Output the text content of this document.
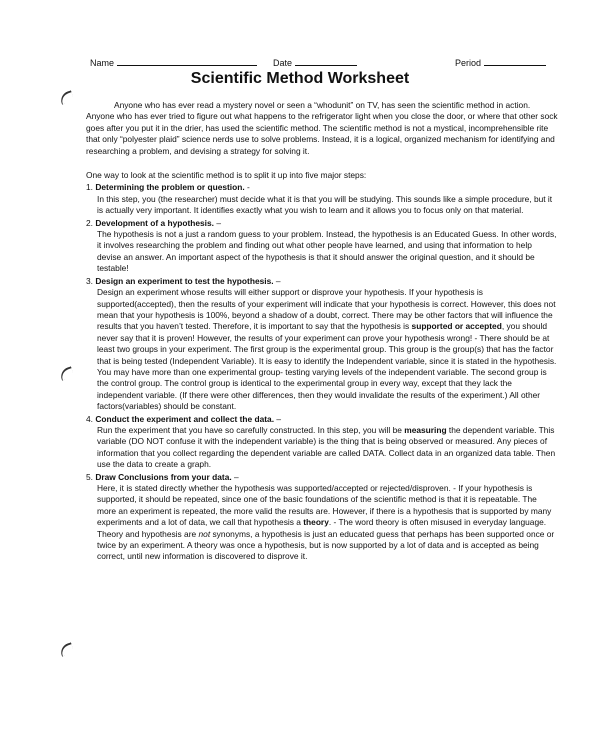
Name	Date	Period
Scientific Method Worksheet

Anyone who has ever read a mystery novel or seen a “whodunit” on TV, has seen the scientific method in action. Anyone who has ever tried to figure out what happens to the refrigerator light when you close the door, or where that other sock goes after you put it in the drier, has used the scientific method. The scientific method is not a mystical, incomprehensible rite that only “polyester plaid” science nerds use to solve problems. Instead, it is a logical, organized mechanism for identifying and researching a problem, and devising a strategy for solving it.

One way to look at the scientific method is to split it up into five major steps:

1. Determining the problem or question. -

In this step, you (the researcher) must decide what it is that you will be studying. This sounds like a simple procedure, but it is actually very important. It identifies exactly what you wish to learn and it allows you to focus only on that material.

2. Development of a hypothesis. –

The hypothesis is not a just a random guess to your problem. Instead, the hypothesis is an Educated Guess. In other words, it involves researching the problem and finding out what other people have learned, and using that information to help devise an answer. An important aspect of the hypothesis is that it should answer the original question, and it should be testable!

3. Design an experiment to test the hypothesis. –

Design an experiment whose results will either support or disprove your hypothesis. If your hypothesis is supported(accepted), then the results of your experiment will indicate that your hypothesis is correct. However, this does not mean that your hypothesis is 100%, beyond a shadow of a doubt, correct. There may be other factors that will influence the results that you haven’t tested. Therefore, it is important to say that the hypothesis is supported or accepted, you should never say that it is proven! However, the results of your experiment can prove your hypothesis wrong! - There should be at least two groups in your experiment. The first group is the experimental group. This group is the group(s) that has the factor that is being tested (Independent Variable). It is easy to identify the Independent variable, since it is stated in the hypothesis. You may have more than one experimental group- testing varying levels of the independent variable. The second group is the control group. The control group is identical to the experimental group in every way, except that they lack the independent variable. (If there were other differences, then they would invalidate the results of the experiment.) All other factors(variables) should be constant.

4. Conduct the experiment and collect the data. –

Run the experiment that you have so carefully constructed. In this step, you will be measuring the dependent variable. This variable (DO NOT confuse it with the independent variable) is the thing that is being observed or measured. Any pieces of information that you collect regarding the dependent variable are called DATA. Collect data in an organized data table. Then use the data to create a graph.

5. Draw Conclusions from your data. –

Here, it is stated directly whether the hypothesis was supported/accepted or rejected/disproven. - If your hypothesis is supported, it should be repeated, since one of the basic foundations of the scientific method is that it is repeatable. The more an experiment is repeated, the more valid the results are. However, if there is a hypothesis that is supported by many experiments and a lot of data, we call that hypothesis a theory. - The word theory is often misused in everyday language. Theory and hypothesis are not synonyms, a hypothesis is just an educated guess that perhaps has been supported once or twice by an experiment. A theory was once a hypothesis, but is now supported by a lot of data and is accepted as being correct, until new information is discovered to disprove it.
